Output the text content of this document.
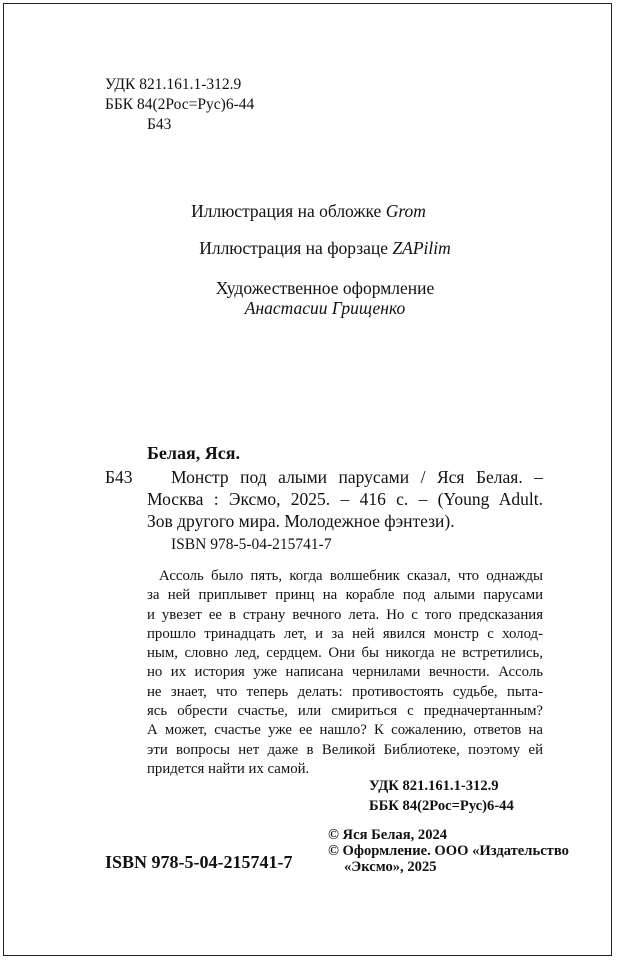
УДК 821.161.1-312.9

ББК 84(2Рос=Рус)6-44

Б43

Иллюстрация на обложке Grom

Иллюстрация на форзаце ZAPilim

Художественное оформление

Анастасии Грищенко

Белая, Яся.

Б43	Монстр под алыми парусами / Яся Белая. –
Москва : Эксмо, 2025. – 416 с. – (Young Adult.
Зов другого мира. Молодежное фэнтези).

ISBN 978-5-04-215741-7

Ассоль было пять, когда волшебник сказал, что однажды
за ней приплывет принц на корабле под алыми парусами
и увезет ее в страну вечного лета. Но с того предсказания
прошло тринадцать лет, и за ней явился монстр с холод-
ным, словно лед, сердцем. Они бы никогда не встретились,
но их история уже написана чернилами вечности. Ассоль
не знает, что теперь делать: противостоять судьбе, пыта-
ясь обрести счастье, или смириться с предначертанным?
А может, счастье уже ее нашло? К сожалению, ответов на
эти вопросы нет даже в Великой Библиотеке, поэтому ей
придется найти их самой.

УДК 821.161.1-312.9

ББК 84(2Рос=Рус)6-44

ISBN 978-5-04-215741-7

© Яся Белая, 2024

© Оформление. ООО «Издательство

«Эксмо», 2025
